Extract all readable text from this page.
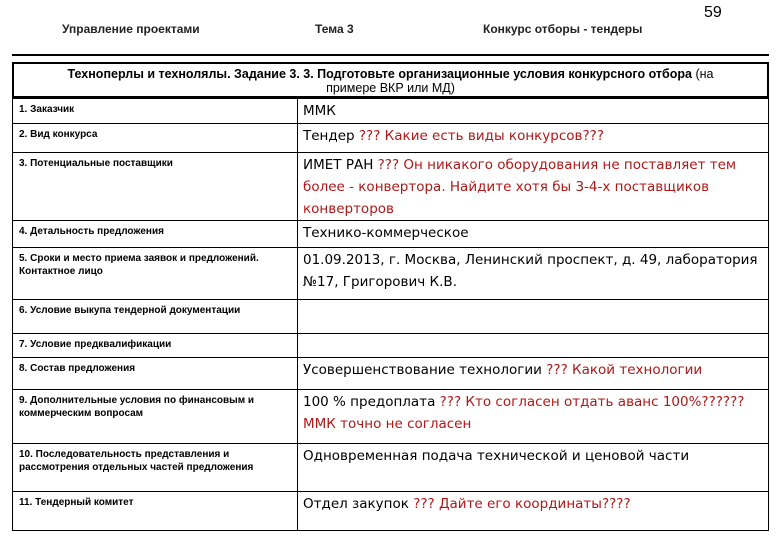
Управление проектами	Тема 3	Конкурс отборы - тендеры
59
Техноперлы и технолялы. Задание 3. 3. Подготовьте организационные условия конкурсного отбора (на
примере ВКР или МД)
1. Заказчик	ММК
2. Вид конкурса	Тендер ??? Какие есть виды конкурсов???
3. Потенциальные поставщики	ИМЕТ РАН ??? Он никакого оборудования не поставляет тем более - конвертора. Найдите хотя бы 3-4-х поставщиков конверторов
4. Детальность предложения	Технико-коммерческое
5. Сроки и место приема заявок и предложений. Контактное лицо	01.09.2013, г. Москва, Ленинский проспект, д. 49, лаборатория №17, Григорович К.В.
6. Условие выкупа тендерной документации	
7. Условие предквалификации	
8. Состав предложения	Усовершенствование технологии ??? Какой технологии
9. Дополнительные условия по финансовым и коммерческим вопросам	100 % предоплата ??? Кто согласен отдать аванс 100%?????? ММК точно не согласен
10. Последовательность представления и рассмотрения отдельных частей предложения	Одновременная подача технической и ценовой части
11. Тендерный комитет	Отдел закупок ??? Дайте его координаты????
